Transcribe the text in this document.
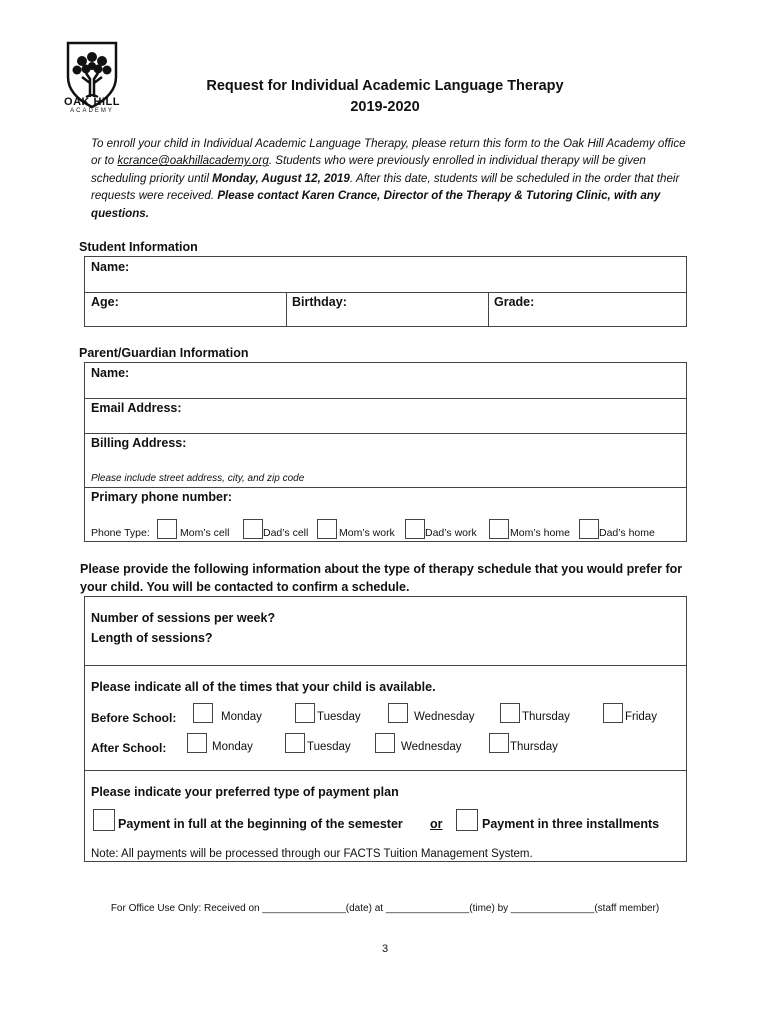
OAK HILL
ACADEMY
Request for Individual Academic Language Therapy
2019-2020
To enroll your child in Individual Academic Language Therapy, please return this form to the Oak Hill Academy office or to kcrance@oakhillacademy.org. Students who were previously enrolled in individual therapy will be given scheduling priority until Monday, August 12, 2019. After this date, students will be scheduled in the order that their requests were received. Please contact Karen Crance, Director of the Therapy & Tutoring Clinic, with any questions.
Student Information
Name:
Age:	Birthday:	Grade:
Parent/Guardian Information
Name:
Email Address:
Billing Address:
Please include street address, city, and zip code
Primary phone number:
Phone Type:	Mom’s cell	Dad’s cell	Mom’s work	Dad’s work	Mom’s home	Dad’s home
Please provide the following information about the type of therapy schedule that you would prefer for your child. You will be contacted to confirm a schedule.
Number of sessions per week?
Length of sessions?
Please indicate all of the times that your child is available.
Before School:	Monday	Tuesday	Wednesday	Thursday	Friday
After School:	Monday	Tuesday	Wednesday	Thursday
Please indicate your preferred type of payment plan
Payment in full at the beginning of the semester or	Payment in three installments
Note: All payments will be processed through our FACTS Tuition Management System.
For Office Use Only: Received on _______________(date) at _______________(time) by _______________(staff member)
3
